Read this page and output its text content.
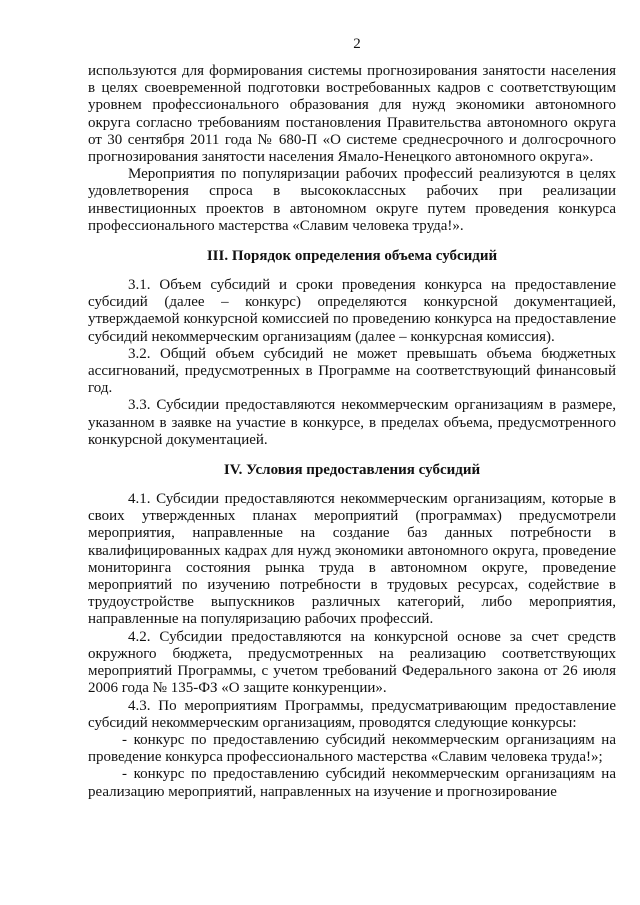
2

используются для формирования системы прогнозирования занятости населения в целях своевременной подготовки востребованных кадров с соответствующим уровнем профессионального образования для нужд экономики автономного округа согласно требованиям постановления Правительства автономного округа от 30 сентября 2011 года № 680-П «О системе среднесрочного и долгосрочного прогнозирования занятости населения Ямало-Ненецкого автономного округа».

Мероприятия по популяризации рабочих профессий реализуются в целях удовлетворения спроса в высококлассных рабочих при реализации инвестиционных проектов в автономном округе путем проведения конкурса профессионального мастерства «Славим человека труда!».

III. Порядок определения объема субсидий

3.1. Объем субсидий и сроки проведения конкурса на предоставление субсидий (далее – конкурс) определяются конкурсной документацией, утверждаемой конкурсной комиссией по проведению конкурса на предоставление субсидий некоммерческим организациям (далее – конкурсная комиссия).

3.2. Общий объем субсидий не может превышать объема бюджетных ассигнований, предусмотренных в Программе на соответствующий финансовый год.

3.3. Субсидии предоставляются некоммерческим организациям в размере, указанном в заявке на участие в конкурсе, в пределах объема, предусмотренного конкурсной документацией.

IV. Условия предоставления субсидий

4.1. Субсидии предоставляются некоммерческим организациям, которые в своих утвержденных планах мероприятий (программах) предусмотрели мероприятия, направленные на создание баз данных потребности в квалифицированных кадрах для нужд экономики автономного округа, проведение мониторинга состояния рынка труда в автономном округе, проведение мероприятий по изучению потребности в трудовых ресурсах, содействие в трудоустройстве выпускников различных категорий, либо мероприятия, направленные на популяризацию рабочих профессий.

4.2. Субсидии предоставляются на конкурсной основе за счет средств окружного бюджета, предусмотренных на реализацию соответствующих мероприятий Программы, с учетом требований Федерального закона от 26 июля 2006 года № 135-ФЗ «О защите конкуренции».

4.3. По мероприятиям Программы, предусматривающим предоставление субсидий некоммерческим организациям, проводятся следующие конкурсы:

- конкурс по предоставлению субсидий некоммерческим организациям на проведение конкурса профессионального мастерства «Славим человека труда!»;

- конкурс по предоставлению субсидий некоммерческим организациям на реализацию мероприятий, направленных на изучение и прогнозирование
